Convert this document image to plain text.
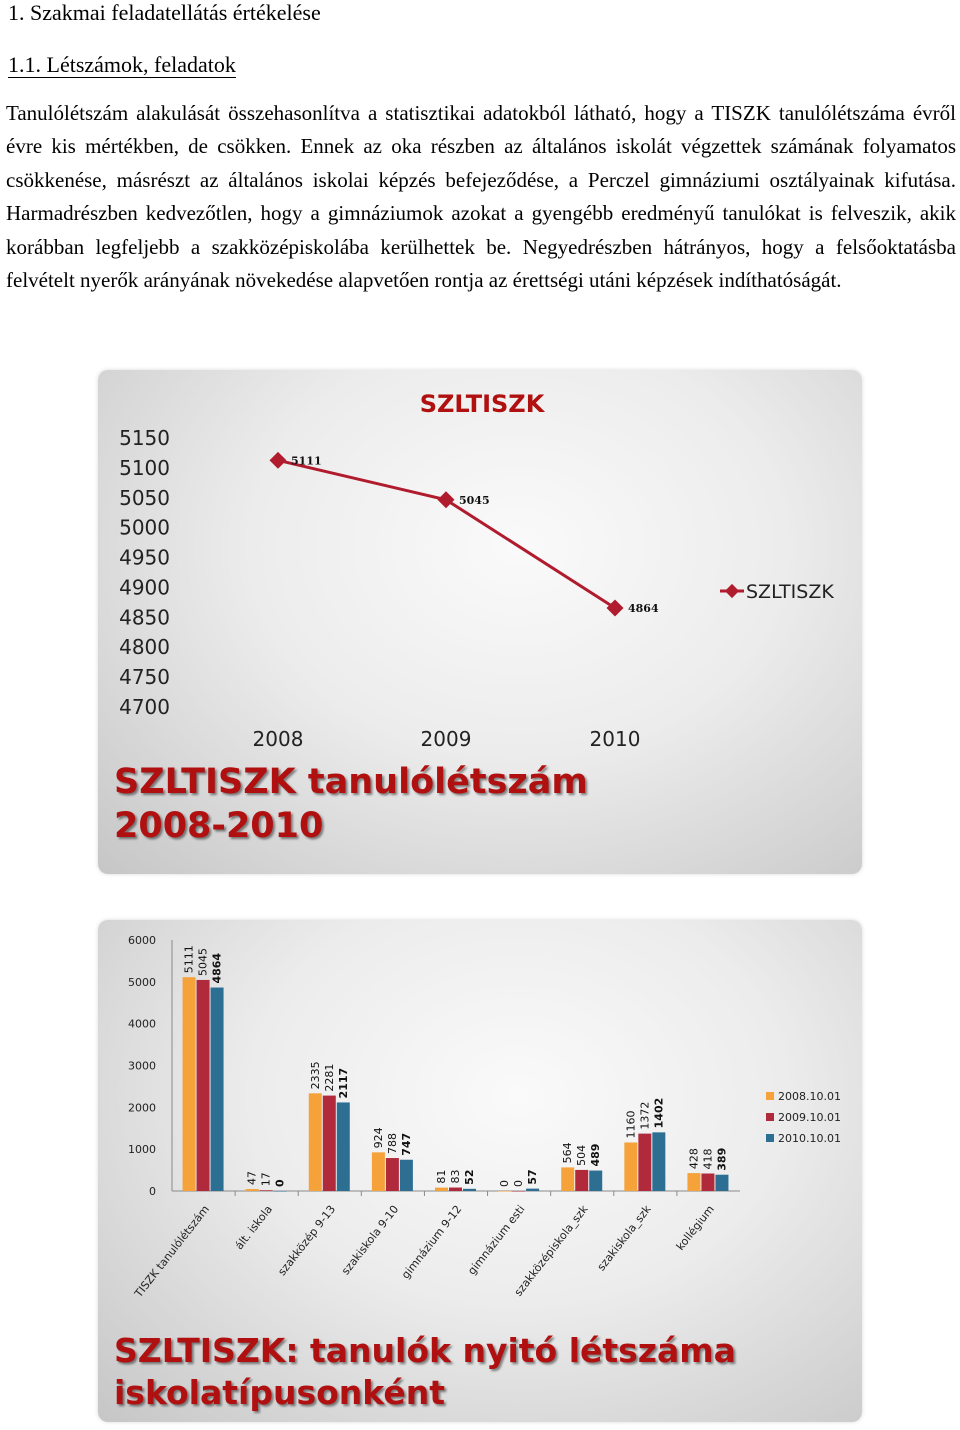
1. Szakmai feladatellátás értékelése
1.1. Létszámok, feladatok

Tanulólétszám alakulását összehasonlítva a statisztikai adatokból látható, hogy a TISZK tanulólétszáma évről évre kis mértékben, de csökken. Ennek az oka részben az általános iskolát végzettek számának folyamatos csökkenése, másrészt az általános iskolai képzés befejeződése, a Perczel gimnáziumi osztályainak kifutása. Harmadrészben kedvezőtlen, hogy a gimnáziumok azokat a gyengébb eredményű tanulókat is felveszik, akik korábban legfeljebb a szakközépiskolába kerülhettek be. Negyedrészben hátrányos, hogy a felsőoktatásba felvételt nyerők arányának növekedése alapvetően rontja az érettségi utáni képzések indíthatóságát.

SZLTISZK
5150
5100
5050
5000
4950
4900
4850
4800
4750
4700
2008	2009	2010
5111
5045
4864
SZLTISZK
SZLTISZK tanulólétszám
2008-2010
6000
5000
4000
3000
2000
1000
0
5111 5045 4864
TISZK tanulólétszám
47 17 0
ált. iskola
2335 2281 2117
szakközép 9-13
924 788 747
szakiskola 9-10
81 83 52
gimnázium 9-12
0 0 57
gimnázium esti
564 504 489
szakközépiskola_szk
1160 1372 1402
szakiskola_szk
428 418 389
kollégium
2008.10.01
2009.10.01
2010.10.01
SZLTISZK: tanulók nyitó létszáma
iskolatípusonként
